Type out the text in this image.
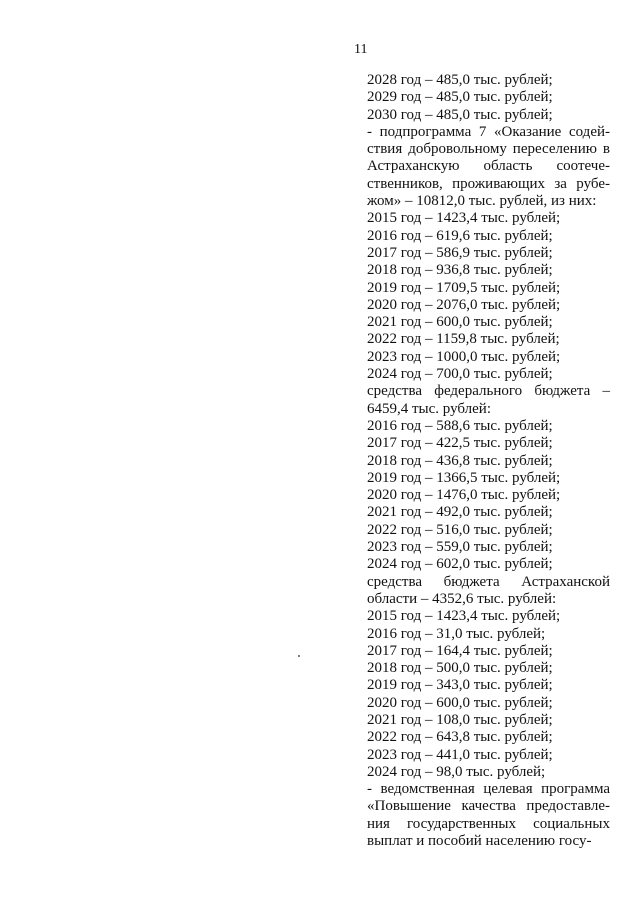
11
2028 год – 485,0 тыс. рублей;
2029 год – 485,0 тыс. рублей;
2030 год – 485,0 тыс. рублей;
- подпрограмма 7 «Оказание содей-ствия добровольному переселению в Астраханскую область соотече-ственников, проживающих за рубе-жом» – 10812,0 тыс. рублей, из них:
2015 год – 1423,4 тыс. рублей;
2016 год – 619,6 тыс. рублей;
2017 год – 586,9 тыс. рублей;
2018 год – 936,8 тыс. рублей;
2019 год – 1709,5 тыс. рублей;
2020 год – 2076,0 тыс. рублей;
2021 год – 600,0 тыс. рублей;
2022 год – 1159,8 тыс. рублей;
2023 год – 1000,0 тыс. рублей;
2024 год – 700,0 тыс. рублей;
средства федерального бюджета – 6459,4 тыс. рублей:
2016 год – 588,6 тыс. рублей;
2017 год – 422,5 тыс. рублей;
2018 год – 436,8 тыс. рублей;
2019 год – 1366,5 тыс. рублей;
2020 год – 1476,0 тыс. рублей;
2021 год – 492,0 тыс. рублей;
2022 год – 516,0 тыс. рублей;
2023 год – 559,0 тыс. рублей;
2024 год – 602,0 тыс. рублей;
средства бюджета Астраханской области – 4352,6 тыс. рублей:
2015 год – 1423,4 тыс. рублей;
2016 год – 31,0 тыс. рублей;
2017 год – 164,4 тыс. рублей;
2018 год – 500,0 тыс. рублей;
2019 год – 343,0 тыс. рублей;
2020 год – 600,0 тыс. рублей;
2021 год – 108,0 тыс. рублей;
2022 год – 643,8 тыс. рублей;
2023 год – 441,0 тыс. рублей;
2024 год – 98,0 тыс. рублей;
- ведомственная целевая программа «Повышение качества предоставле-ния государственных социальных выплат и пособий населению госу-
